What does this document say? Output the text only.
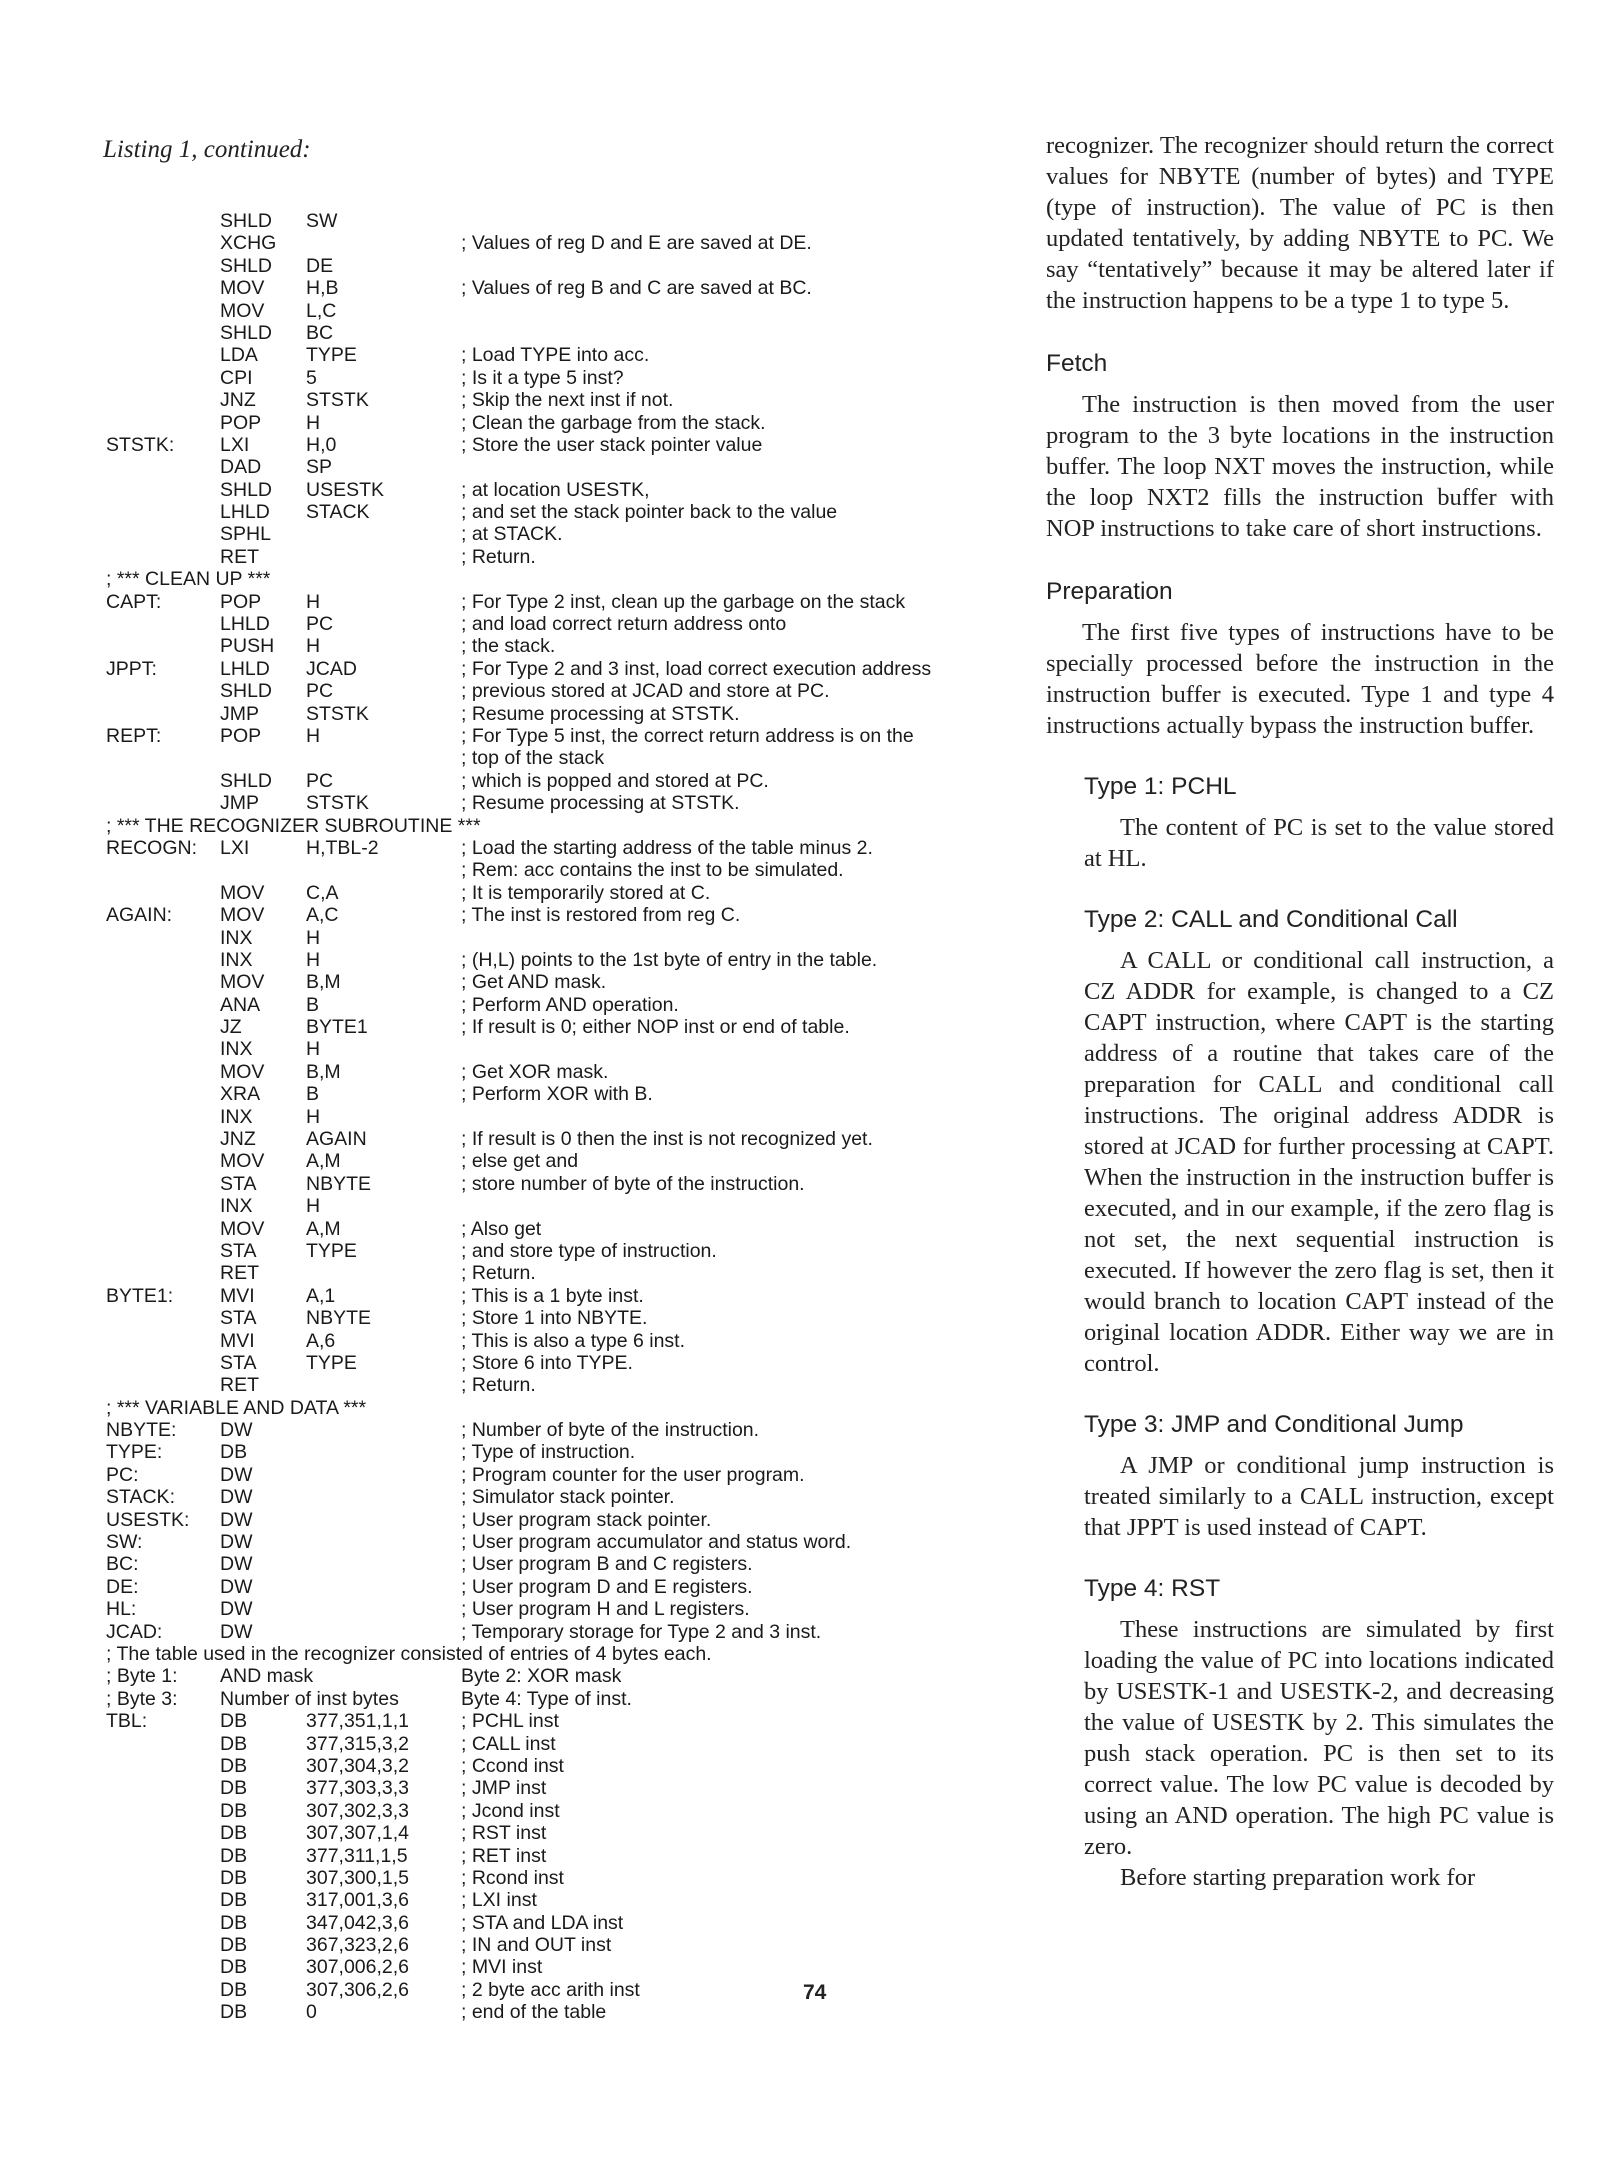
Listing 1, continued:
SHLD SW
XCHG	; Values of reg D and E are saved at DE.
SHLD DE
MOV H,B	; Values of reg B and C are saved at BC.
MOV L,C
SHLD BC
LDA TYPE	; Load TYPE into acc.
CPI	5	; Is it a type 5 inst?
JNZ	STSTK	; Skip the next inst if not.
POP H	; Clean the garbage from the stack.
STSTK: LXI	H,0	; Store the user stack pointer value
DAD SP
SHLD USESTK	; at location USESTK,
LHLD STACK	; and set the stack pointer back to the value
SPHL	; at STACK.
RET	; Return.
; *** CLEAN UP ***
CAPT:	POP H	; For Type 2 inst, clean up the garbage on the stack
LHLD PC	; and load correct return address onto
PUSH H	; the stack.
JPPT:	LHLD JCAD	; For Type 2 and 3 inst, load correct execution address
SHLD PC	; previous stored at JCAD and store at PC.
JMP STSTK	; Resume processing at STSTK.
REPT:	POP H	; For Type 5 inst, the correct return address is on the
; top of the stack
SHLD PC	; which is popped and stored at PC.
JMP STSTK	; Resume processing at STSTK.
; *** THE RECOGNIZER SUBROUTINE ***
RECOGN: LXI	H,TBL-2	; Load the starting address of the table minus 2.
; Rem: acc contains the inst to be simulated.
MOV C,A	; It is temporarily stored at C.
AGAIN: MOV A,C	; The inst is restored from reg C.
INX	H
INX	H	; (H,L) points to the 1st byte of entry in the table.
MOV B,M	; Get AND mask.
ANA B	; Perform AND operation.
JZ	BYTE1	; If result is 0; either NOP inst or end of table.
INX	H
MOV B,M	; Get XOR mask.
XRA B	; Perform XOR with B.
INX	H
JNZ	AGAIN	; If result is 0 then the inst is not recognized yet.
MOV A,M	; else get and
STA	NBYTE	; store number of byte of the instruction.
INX	H
MOV A,M	; Also get
STA	TYPE	; and store type of instruction.
RET	; Return.
BYTE1: MVI	A,1	; This is a 1 byte inst.
STA	NBYTE	; Store 1 into NBYTE.
MVI	A,6	; This is also a type 6 inst.
STA	TYPE	; Store 6 into TYPE.
RET	; Return.
; *** VARIABLE AND DATA ***
NBYTE: DW	; Number of byte of the instruction.
TYPE:	DB	; Type of instruction.
PC:	DW	; Program counter for the user program.
STACK: DW	; Simulator stack pointer.
USESTK: DW	; User program stack pointer.
SW:	DW	; User program accumulator and status word.
BC:	DW	; User program B and C registers.
DE:	DW	; User program D and E registers.
HL:	DW	; User program H and L registers.
JCAD:	DW	; Temporary storage for Type 2 and 3 inst.
; The table used in the recognizer consisted of entries of 4 bytes each.
; Byte 1: AND mask	Byte 2: XOR mask
; Byte 3: Number of inst bytes	Byte 4: Type of inst.
TBL:	DB	377,351,1,1	; PCHL inst
DB	377,315,3,2	; CALL inst
DB	307,304,3,2	; Ccond inst
DB	377,303,3,3	; JMP inst
DB	307,302,3,3	; Jcond inst
DB	307,307,1,4	; RST inst
DB	377,311,1,5	; RET inst
DB	307,300,1,5	; Rcond inst
DB	317,001,3,6	; LXI inst
DB	347,042,3,6	; STA and LDA inst
DB	367,323,2,6	; IN and OUT inst
DB	307,006,2,6	; MVI inst
DB	307,306,2,6	; 2 byte acc arith inst
DB	0	; end of the table

recognizer. The recognizer should return the correct values for NBYTE (number of bytes) and TYPE (type of instruction). The value of PC is then updated tentatively, by adding NBYTE to PC. We say “tentatively” because it may be altered later if the instruction happens to be a type 1 to type 5.

Fetch

The instruction is then moved from the user program to the 3 byte locations in the instruction buffer. The loop NXT moves the instruction, while the loop NXT2 fills the instruction buffer with NOP instructions to take care of short instructions.

Preparation

The first five types of instructions have to be specially processed before the instruction in the instruction buffer is executed. Type 1 and type 4 instructions actually bypass the instruction buffer.

Type 1: PCHL

The content of PC is set to the value stored at HL.

Type 2: CALL and Conditional Call

A CALL or conditional call instruction, a CZ ADDR for example, is changed to a CZ CAPT instruction, where CAPT is the starting address of a routine that takes care of the preparation for CALL and conditional call instructions. The original address ADDR is stored at JCAD for further processing at CAPT. When the instruction in the instruction buffer is executed, and in our example, if the zero flag is not set, the next sequential instruction is executed. If however the zero flag is set, then it would branch to location CAPT instead of the original location ADDR. Either way we are in control.

Type 3: JMP and Conditional Jump

A JMP or conditional jump instruction is treated similarly to a CALL instruction, except that JPPT is used instead of CAPT.

Type 4: RST

These instructions are simulated by first loading the value of PC into locations indicated by USESTK-1 and USESTK-2, and decreasing the value of USESTK by 2. This simulates the push stack operation. PC is then set to its correct value. The low PC value is decoded by using an AND operation. The high PC value is zero.

Before starting preparation work for

74
